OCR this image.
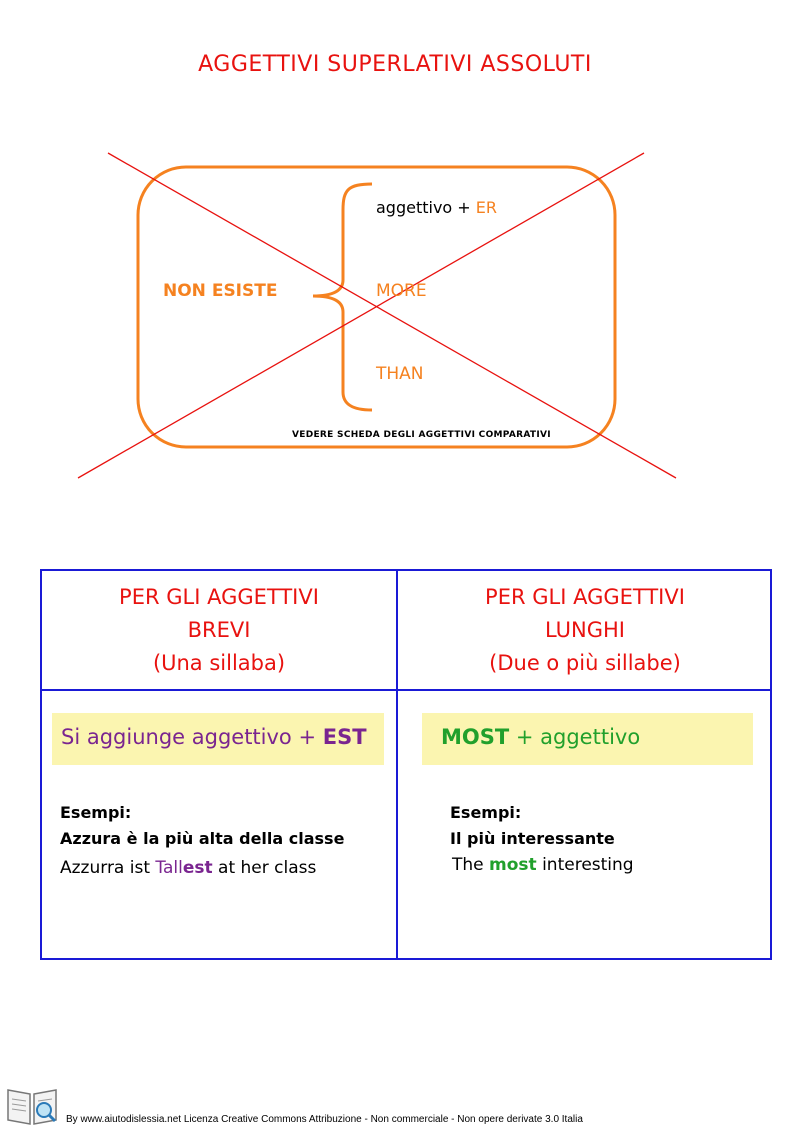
AGGETTIVI SUPERLATIVI ASSOLUTI
NON ESISTE
aggettivo + ER
MORE
THAN
VEDERE SCHEDA DEGLI AGGETTIVI COMPARATIVI
PER GLI AGGETTIVI
BREVI
(Una sillaba)
PER GLI AGGETTIVI
LUNGHI
(Due o più sillabe)
Si aggiunge aggettivo + EST	MOST + aggettivo
Esempi:
Azzura è la più alta della classe
Azzurra ist Tallest at her class
Esempi:
Il più interessante
The most interesting
By www.aiutodislessia.net Licenza Creative Commons Attribuzione - Non commerciale - Non opere derivate 3.0 Italia
